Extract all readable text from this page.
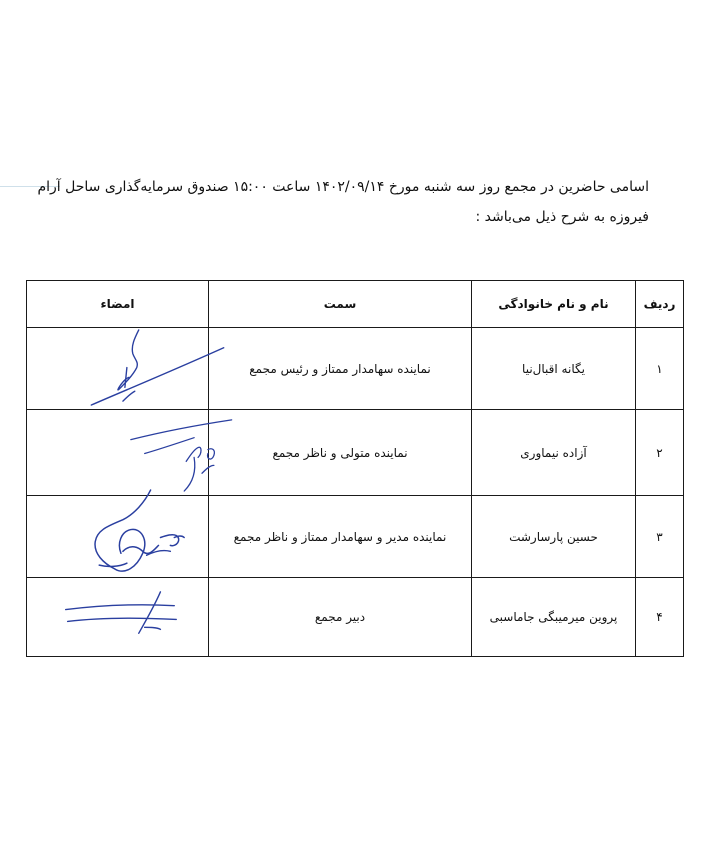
اسامی حاضرین در مجمع روز سه شنبه مورخ ۱۴۰۲/۰۹/۱۴ ساعت ۱۵:۰۰ صندوق سرمایه‌گذاری ساحل آرام
فیروزه به شرح ذیل می‌باشد :
ردیف	نام و نام خانوادگی	سمت	امضاء
۱	یگانه اقبال‌نیا	نماینده سهامدار ممتاز و رئیس مجمع	

۲	آزاده نیماوری	نماینده متولی و ناظر مجمع	

۳	حسین پارسارشت	نماینده مدیر و سهامدار ممتاز و ناظر مجمع	

۴	پروین میرمیبگی جاماسبی	دبیر مجمع	
